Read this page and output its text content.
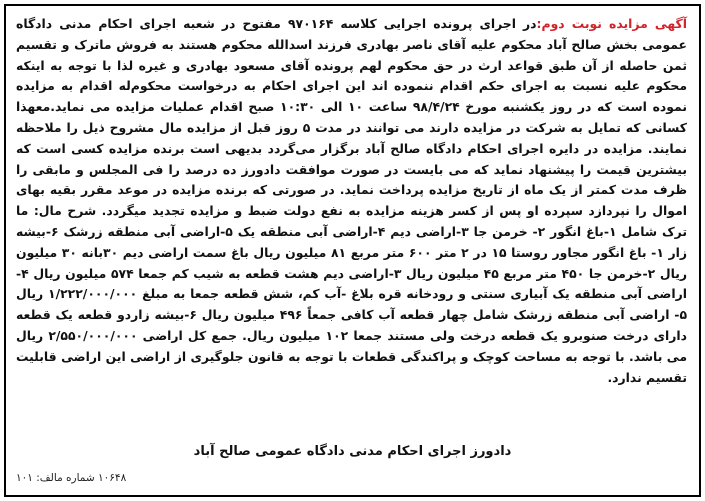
آگهی مزایده نوبت دوم:در اجرای پرونده اجرایی کلاسه ۹۷۰۱۶۴ مفتوح در شعبه اجرای احکام مدنی دادگاه عمومی بخش صالح آباد محکوم علیه آقای ناصر بهادری فرزند اسدالله محکوم هستند به فروش ماترک و تقسیم ثمن حاصله از آن طبق قواعد ارث در حق محکوم لهم پرونده آقای مسعود بهادری و غیره لذا با توجه به اینکه محکوم علیه نسبت به اجرای حکم اقدام ننموده اند این اجرای احکام به درخواست محکوم‌له اقدام به مزایده نموده است که در روز یکشنبه مورخ ۹۸/۴/۲۴ ساعت ۱۰ الی ۱۰:۳۰ صبح اقدام عملیات مزایده می نماید.معهذا کسانی که تمایل به شرکت در مزایده دارند می توانند در مدت ۵ روز قبل از مزایده مال مشروح ذیل را ملاحظه نمایند. مزایده در دایره اجرای احکام دادگاه صالح آباد برگزار می‌گردد بدیهی است برنده مزایده کسی است که بیشترین قیمت را پیشنهاد نماید که می بایست در صورت موافقت دادورز ده درصد را فی المجلس و مابقی را ظرف مدت کمتر از یک ماه از تاریخ مزایده پرداخت نماید. در صورتی که برنده مزایده در موعد مقرر بقیه بهای اموال را نپردازد سپرده او پس از کسر هزینه مزایده به نفع دولت ضبط و مزایده تجدید میگردد. شرح مال: ما ترک شامل ۱-باغ انگور ۲- خرمن جا ۳-اراضی دیم ۴-اراضی آبی منطقه یک ۵-اراضی آبی منطقه زرشک ۶-بیشه زار ۱- باغ انگور مجاور روستا ۱۵ در ۲ متر ۶۰۰ متر مربع ۸۱ میلیون ریال باغ سمت اراضی دیم ۳۰بانه ۳۰ میلیون ریال ۲-خرمن جا ۴۵۰ متر مربع ۴۵ میلیون ریال ۳-اراضی دیم هشت قطعه به شیب کم جمعا ۵۷۴ میلیون ریال ۴-اراضی آبی منطقه یک آبیاری سنتی و رودخانه قره بلاغ -آب کم، شش قطعه جمعا به مبلغ ۱/۲۲۲/۰۰۰/۰۰۰ ریال ۵- اراضی آبی منطقه زرشک شامل چهار قطعه آب کافی جمعاً ۴۹۶ میلیون ریال ۶-بیشه زاردو قطعه یک قطعه دارای درخت صنوبرو یک قطعه درخت ولی مستند جمعا ۱۰۲ میلیون ریال. جمع کل اراضی ۲/۵۵۰/۰۰۰/۰۰۰ ریال می باشد. با توجه به مساحت کوچک و پراکندگی قطعات با توجه به قانون جلوگیری از اراضی این اراضی قابلیت تقسیم ندارد.
دادورز اجرای احکام مدنی دادگاه عمومی صالح آباد
۱۰۶۴۸ شماره مالف: ۱۰۱
